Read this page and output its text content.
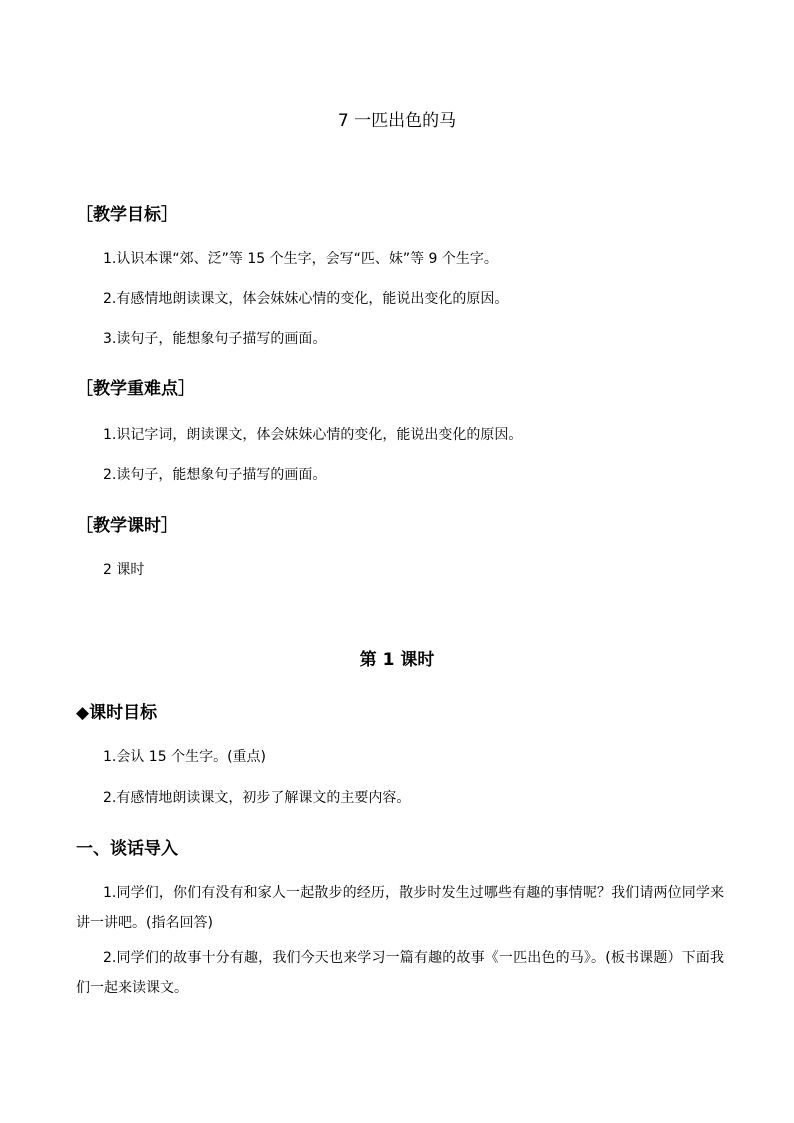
7 一匹出色的马
［教学目标］
1.认识本课“郊、泛”等 15 个生字，会写“匹、妹”等 9 个生字。
2.有感情地朗读课文，体会妹妹心情的变化，能说出变化的原因。
3.读句子，能想象句子描写的画面。
［教学重难点］
1.识记字词，朗读课文，体会妹妹心情的变化，能说出变化的原因。
2.读句子，能想象句子描写的画面。
［教学课时］
2 课时
第 1 课时
◆课时目标
1.会认 15 个生字。(重点)
2.有感情地朗读课文，初步了解课文的主要内容。
一、谈话导入
1.同学们，你们有没有和家人一起散步的经历，散步时发生过哪些有趣的事情呢？我们请两位同学来讲一讲吧。(指名回答)
2.同学们的故事十分有趣，我们今天也来学习一篇有趣的故事《一匹出色的马》。(板书课题）下面我们一起来读课文。
